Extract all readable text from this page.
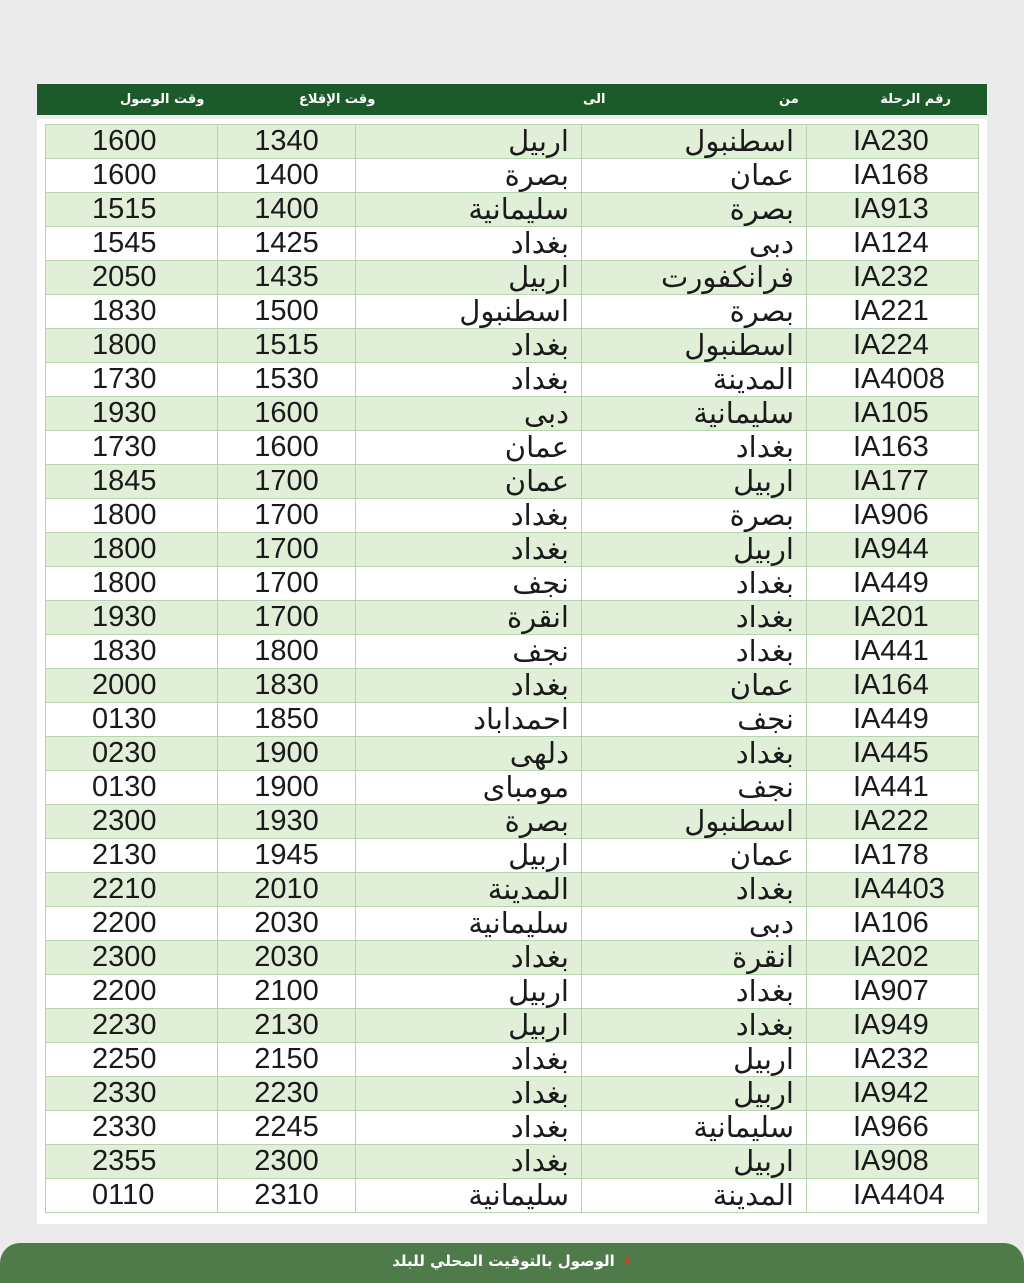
وقت الوصول	وقت الإقلاع	الى	من	رقم الرحلة
1600	1340	اربيل	اسطنبول	IA230
1600	1400	بصرة	عمان	IA168
1515	1400	سليمانية	بصرة	IA913
1545	1425	بغداد	دبى	IA124
2050	1435	اربيل	فرانكفورت	IA232
1830	1500	اسطنبول	بصرة	IA221
1800	1515	بغداد	اسطنبول	IA224
1730	1530	بغداد	المدينة	IA4008
1930	1600	دبى	سليمانية	IA105
1730	1600	عمان	بغداد	IA163
1845	1700	عمان	اربيل	IA177
1800	1700	بغداد	بصرة	IA906
1800	1700	بغداد	اربيل	IA944
1800	1700	نجف	بغداد	IA449
1930	1700	انقرة	بغداد	IA201
1830	1800	نجف	بغداد	IA441
2000	1830	بغداد	عمان	IA164
0130	1850	احمداباد	نجف	IA449
0230	1900	دلهى	بغداد	IA445
0130	1900	مومباى	نجف	IA441
2300	1930	بصرة	اسطنبول	IA222
2130	1945	اربيل	عمان	IA178
2210	2010	المدينة	بغداد	IA4403
2200	2030	سليمانية	دبى	IA106
2300	2030	بغداد	انقرة	IA202
2200	2100	اربيل	بغداد	IA907
2230	2130	اربيل	بغداد	IA949
2250	2150	بغداد	اربيل	IA232
2330	2230	بغداد	اربيل	IA942
2330	2245	بغداد	سليمانية	IA966
2355	2300	بغداد	اربيل	IA908
0110	2310	سليمانية	المدينة	IA4404
•الوصول بالتوقيت المحلي للبلد
